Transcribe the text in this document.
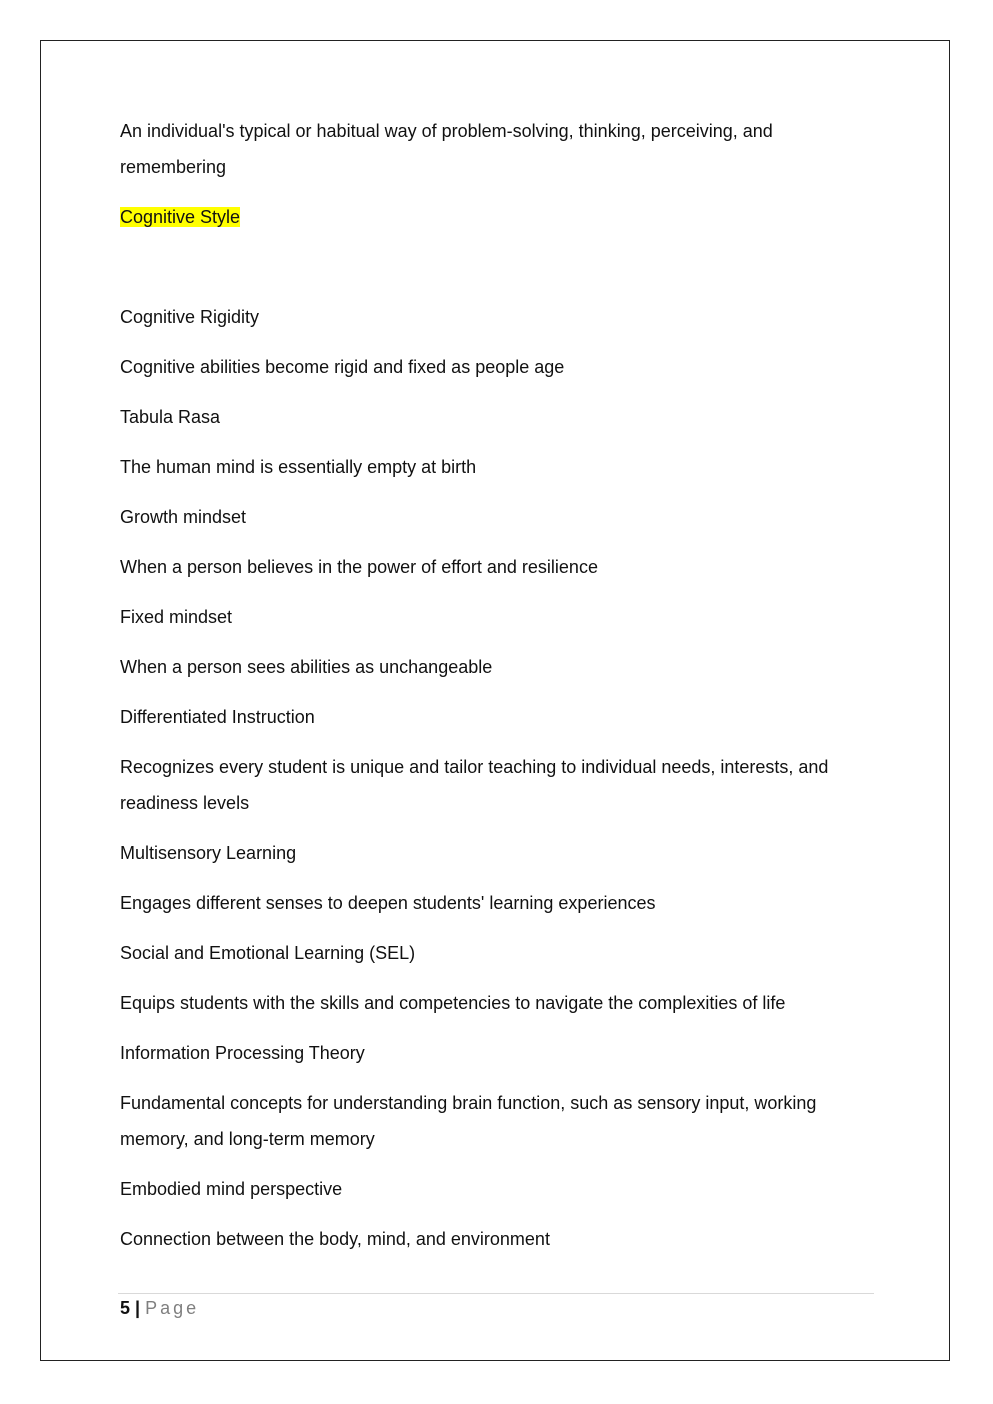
An individual's typical or habitual way of problem-solving, thinking, perceiving, and remembering

Cognitive Style

Cognitive Rigidity

Cognitive abilities become rigid and fixed as people age

Tabula Rasa

The human mind is essentially empty at birth

Growth mindset

When a person believes in the power of effort and resilience

Fixed mindset

When a person sees abilities as unchangeable

Differentiated Instruction

Recognizes every student is unique and tailor teaching to individual needs, interests, and readiness levels

Multisensory Learning

Engages different senses to deepen students' learning experiences

Social and Emotional Learning (SEL)

Equips students with the skills and competencies to navigate the complexities of life

Information Processing Theory

Fundamental concepts for understanding brain function, such as sensory input, working memory, and long-term memory

Embodied mind perspective

Connection between the body, mind, and environment

5 | Page
